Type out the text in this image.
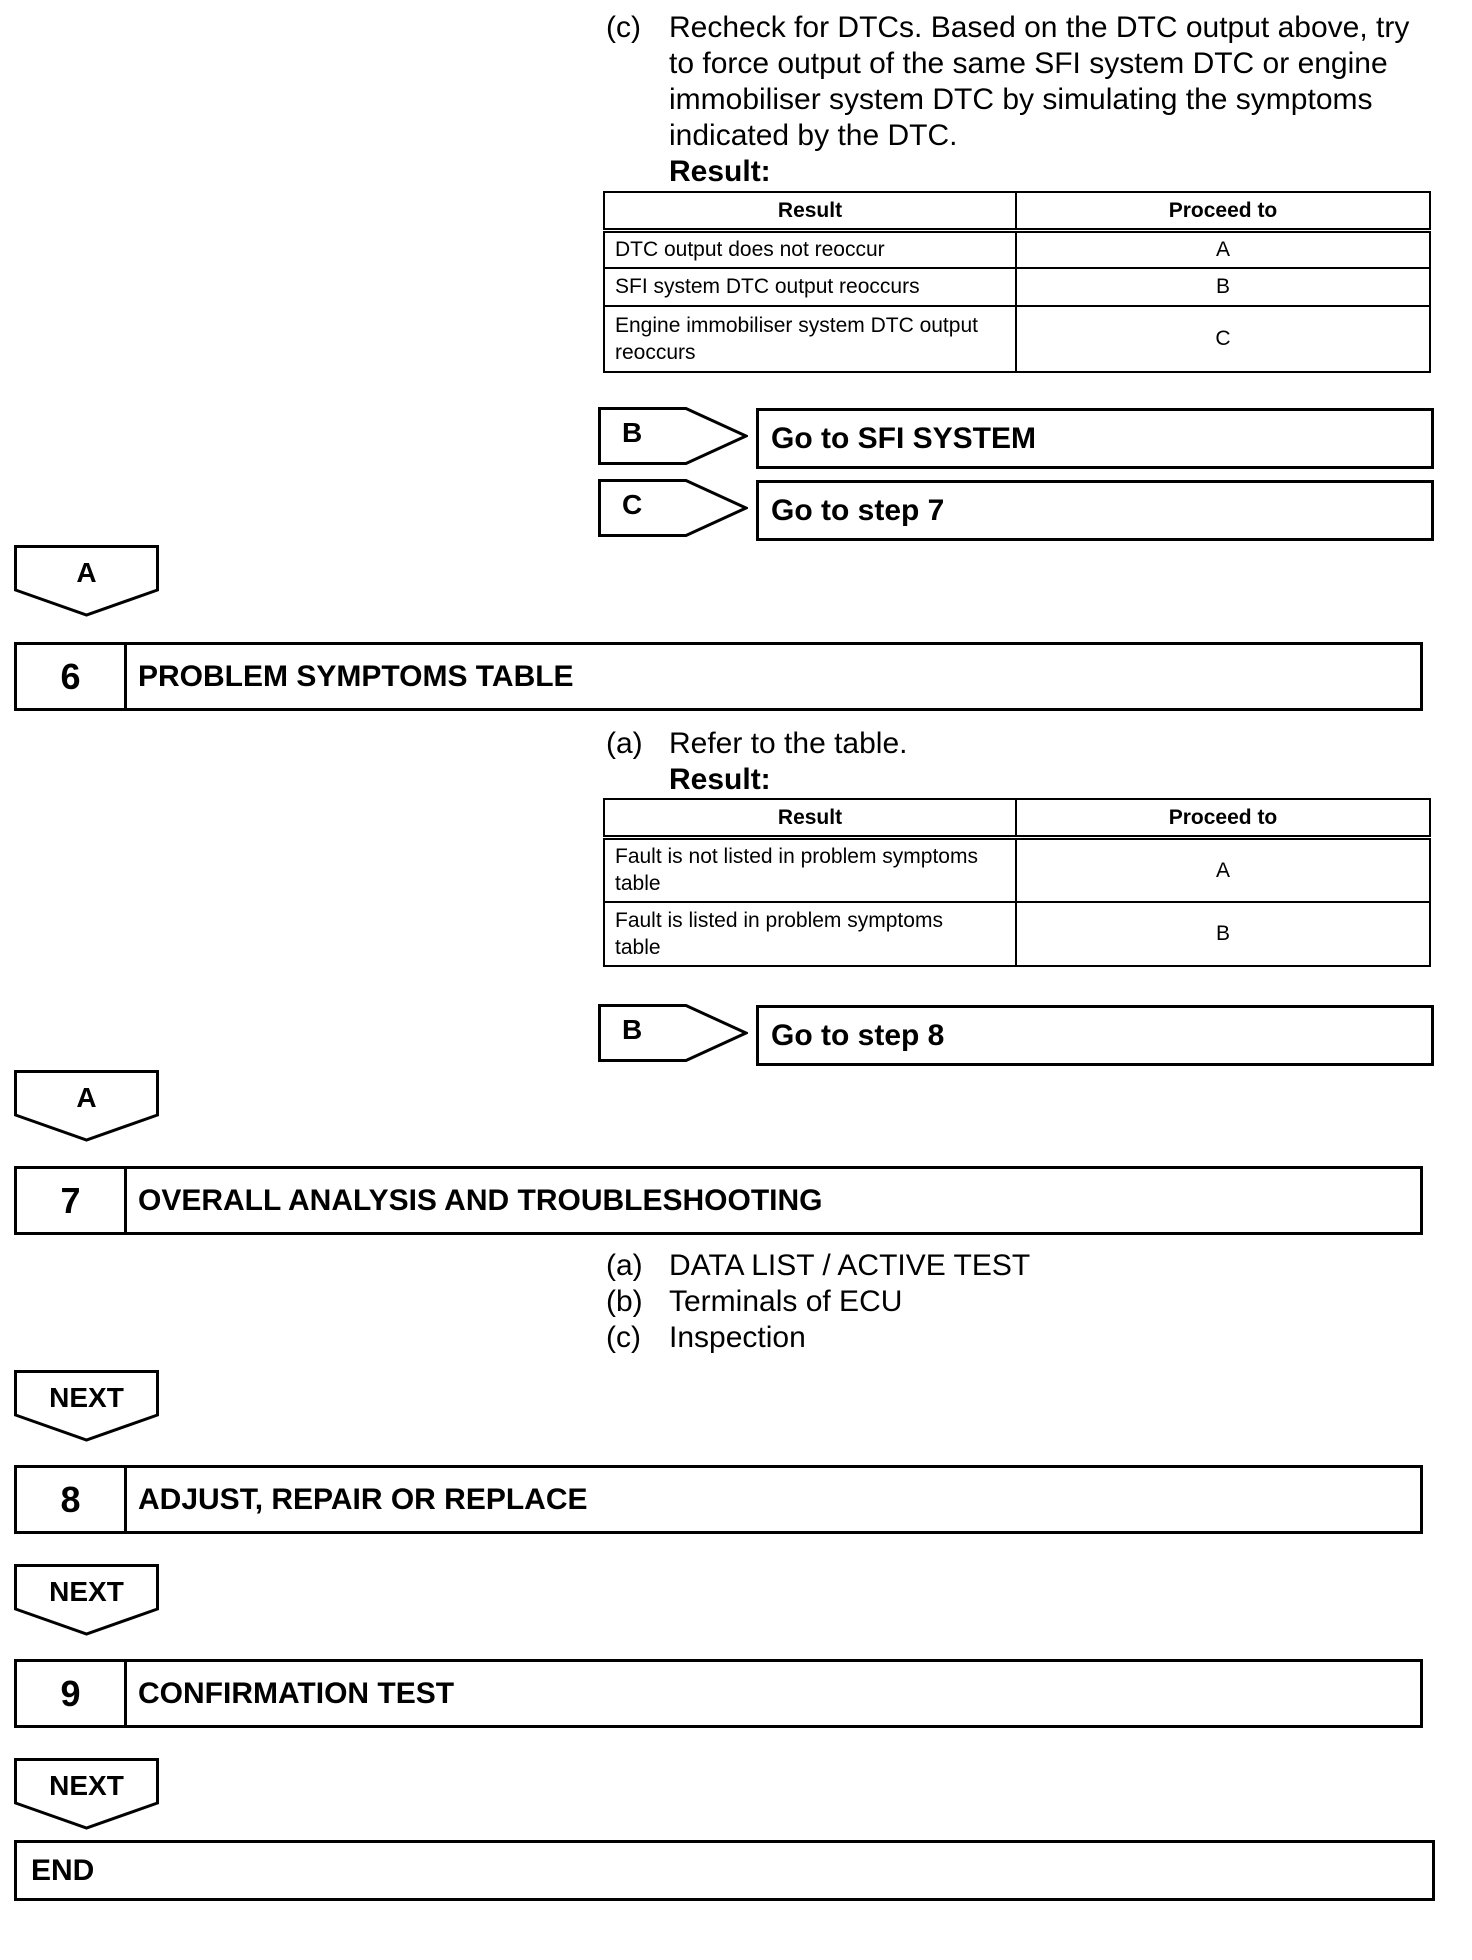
(c) Recheck for DTCs. Based on the DTC output above, try
to force output of the same SFI system DTC or engine
immobiliser system DTC by simulating the symptoms
indicated by the DTC.
Result:
Result	Proceed to
DTC output does not reoccur	A
SFI system DTC output reoccurs	B

Engine immobiliser system DTC output
reoccurs	C
B	Go to SFI SYSTEM
C	Go to step 7
A
6	PROBLEM SYMPTOMS TABLE
(a) Refer to the table.
Result:
Result	Proceed to

Fault is not listed in problem symptoms
table	A

Fault is listed in problem symptoms
table	B
B	Go to step 8
A
7	OVERALL ANALYSIS AND TROUBLESHOOTING
(a) DATA LIST / ACTIVE TEST
(b) Terminals of ECU
(c) Inspection
NEXT
8	ADJUST, REPAIR OR REPLACE
NEXT
9	CONFIRMATION TEST
NEXT
END
